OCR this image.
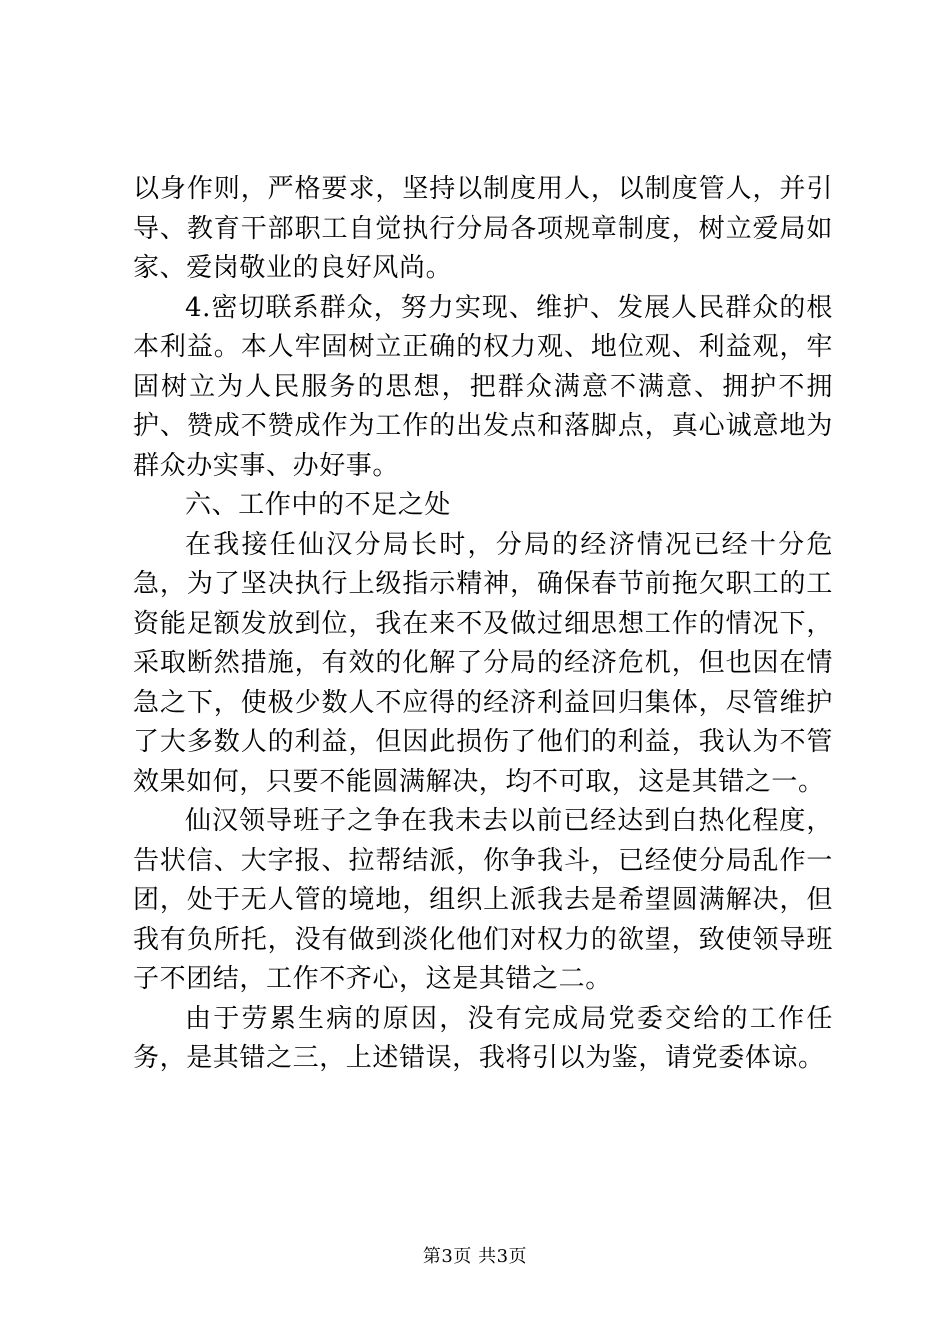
以身作则，严格要求，坚持以制度用人，以制度管人，并引导、教育干部职工自觉执行分局各项规章制度，树立爱局如家、爱岗敬业的良好风尚。

4.密切联系群众，努力实现、维护、发展人民群众的根本利益。本人牢固树立正确的权力观、地位观、利益观，牢固树立为人民服务的思想，把群众满意不满意、拥护不拥护、赞成不赞成作为工作的出发点和落脚点，真心诚意地为群众办实事、办好事。

六、工作中的不足之处

在我接任仙汉分局长时，分局的经济情况已经十分危急，为了坚决执行上级指示精神，确保春节前拖欠职工的工资能足额发放到位，我在来不及做过细思想工作的情况下，采取断然措施，有效的化解了分局的经济危机，但也因在情急之下，使极少数人不应得的经济利益回归集体，尽管维护了大多数人的利益，但因此损伤了他们的利益，我认为不管效果如何，只要不能圆满解决，均不可取，这是其错之一。

仙汉领导班子之争在我未去以前已经达到白热化程度，告状信、大字报、拉帮结派，你争我斗，已经使分局乱作一团，处于无人管的境地，组织上派我去是希望圆满解决，但我有负所托，没有做到淡化他们对权力的欲望，致使领导班子不团结，工作不齐心，这是其错之二。

由于劳累生病的原因，没有完成局党委交给的工作任务，是其错之三，上述错误，我将引以为鉴，请党委体谅。

第3页 共3页
